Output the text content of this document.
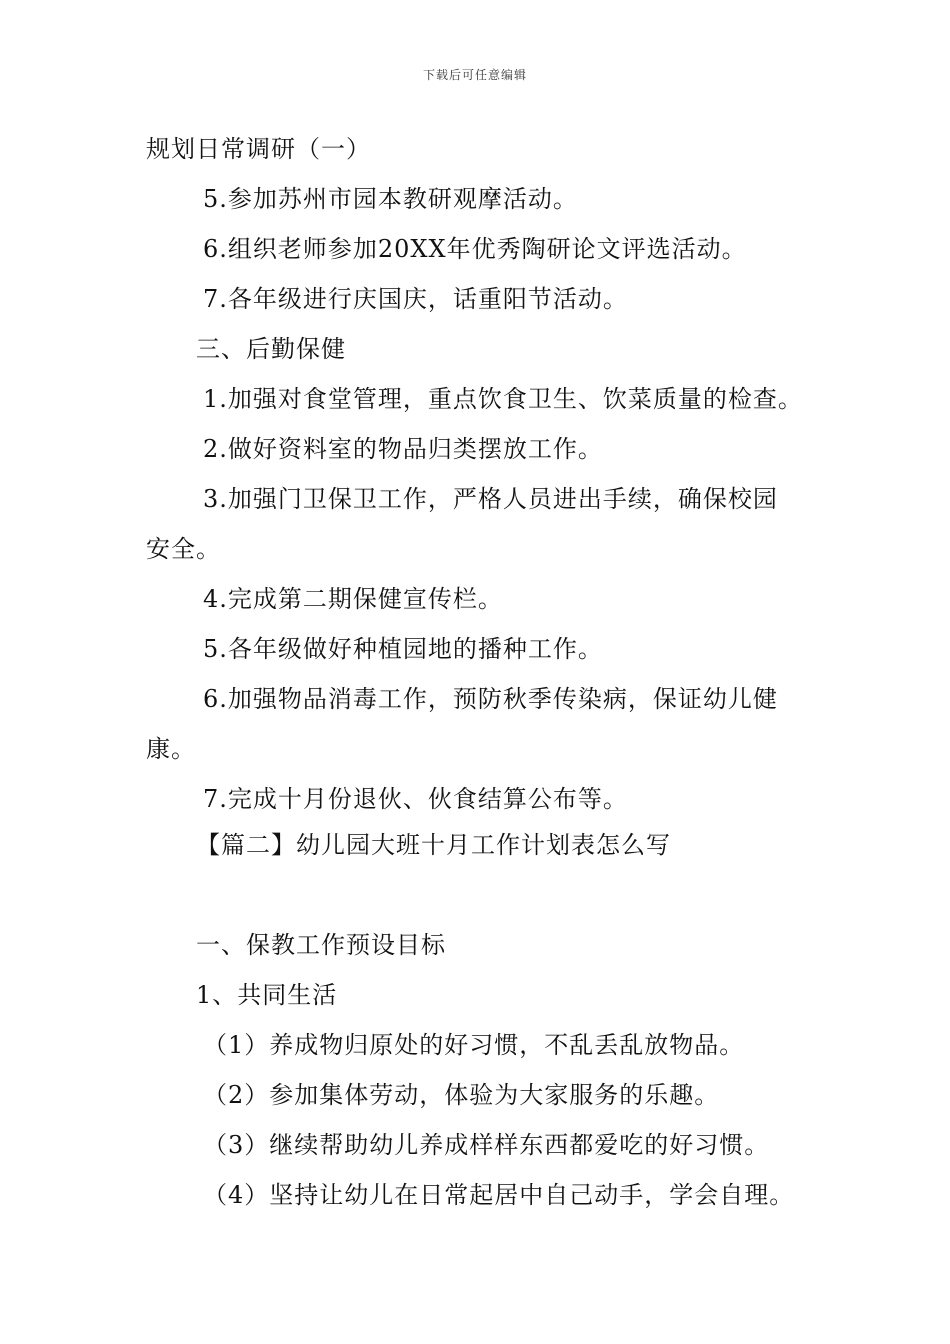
下载后可任意编辑
规划日常调研（一）
5.参加苏州市园本教研观摩活动。
6.组织老师参加20XX年优秀陶研论文评选活动。
7.各年级进行庆国庆，话重阳节活动。
三、后勤保健
1.加强对食堂管理，重点饮食卫生、饮菜质量的检查。
2.做好资料室的物品归类摆放工作。
3.加强门卫保卫工作，严格人员进出手续，确保校园
安全。
4.完成第二期保健宣传栏。
5.各年级做好种植园地的播种工作。
6.加强物品消毒工作，预防秋季传染病，保证幼儿健
康。
7.完成十月份退伙、伙食结算公布等。
【篇二】幼儿园大班十月工作计划表怎么写
一、保教工作预设目标
1、共同生活
（1）养成物归原处的好习惯，不乱丢乱放物品。
（2）参加集体劳动，体验为大家服务的乐趣。
（3）继续帮助幼儿养成样样东西都爱吃的好习惯。
（4）坚持让幼儿在日常起居中自己动手，学会自理。
